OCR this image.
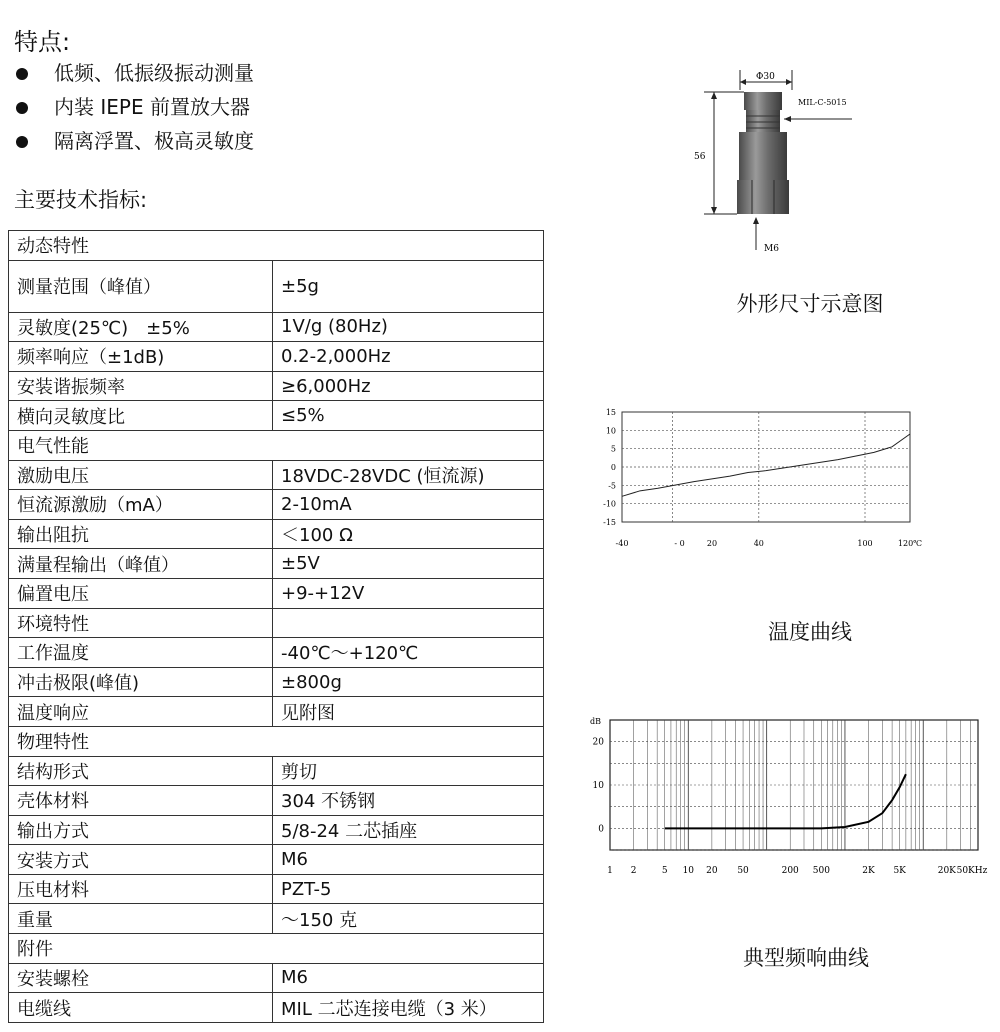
特点:
低频、低振级振动测量
内装 IEPE 前置放大器
隔离浮置、极高灵敏度
主要技术指标:
动态特性	
测量范围（峰值）	±5g
灵敏度(25℃)　±5%	1V/g (80Hz)
频率响应（±1dB)	0.2-2,000Hz
安装谐振频率	≥6,000Hz
横向灵敏度比	≤5%
电气性能	
激励电压	18VDC-28VDC (恒流源)
恒流源激励（mA）	2-10mA
输出阻抗	＜100 Ω
满量程输出（峰值）	±5V
偏置电压	+9-+12V
环境特性	
工作温度	-40℃～+120℃
冲击极限(峰值)	±800g
温度响应	见附图
物理特性	
结构形式	剪切
壳体材料	304 不锈钢
输出方式	5/8-24 二芯插座
安装方式	M6
压电材料	PZT-5
重量	～150 克
附件	
安装螺栓	M6
电缆线	MIL 二芯连接电缆（3 米）
Φ30
MIL-C-5015
56
M6
外形尺寸示意图
15
10
5
0
-5
-10
-15
-40	- 0	20	40	100	120℃
温度曲线
dB
20
10
0
1 2	5 10 20 50	200 500	2K 5K	20K 50KHz
典型频响曲线
